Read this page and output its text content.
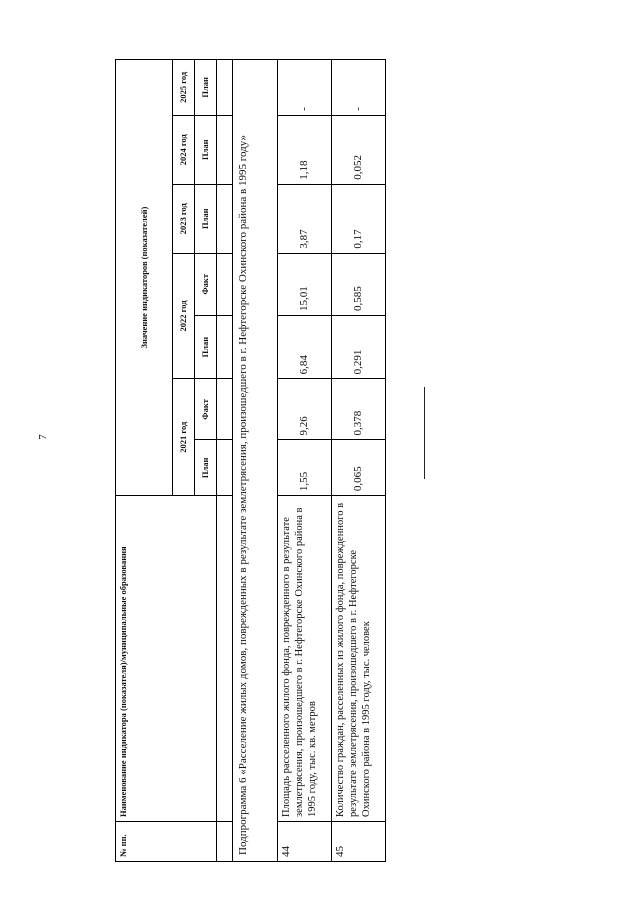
7
№ пп.	Наименование индикатора (показателя)/муниципальные образования	Значение индикаторов (показателей)						
		2021 год		2022 год		2023 год	2024 год	2025 год
		План	Факт	План	Факт	План	План	План

Подпрограмма 6 «Расселение жилых домов, поврежденных в результате землетрясения, произошедшего в г. Нефтегорске Охинского района в 1995 году»								
44	Площадь расселенного жилого фонда, поврежденного в результате землетрясения, произошедшего в г. Нефтегорске Охинского района в 1995 году, тыс. кв. метров	1,55	9,26	6,84	15,01	3,87	1,18	-
45	Количество граждан, расселенных из жилого фонда, поврежденного в результате землетрясения, произошедшего в г. Нефтегорске Охинского района в 1995 году, тыс. человек	0,065	0,378	0,291	0,585	0,17	0,052	-
